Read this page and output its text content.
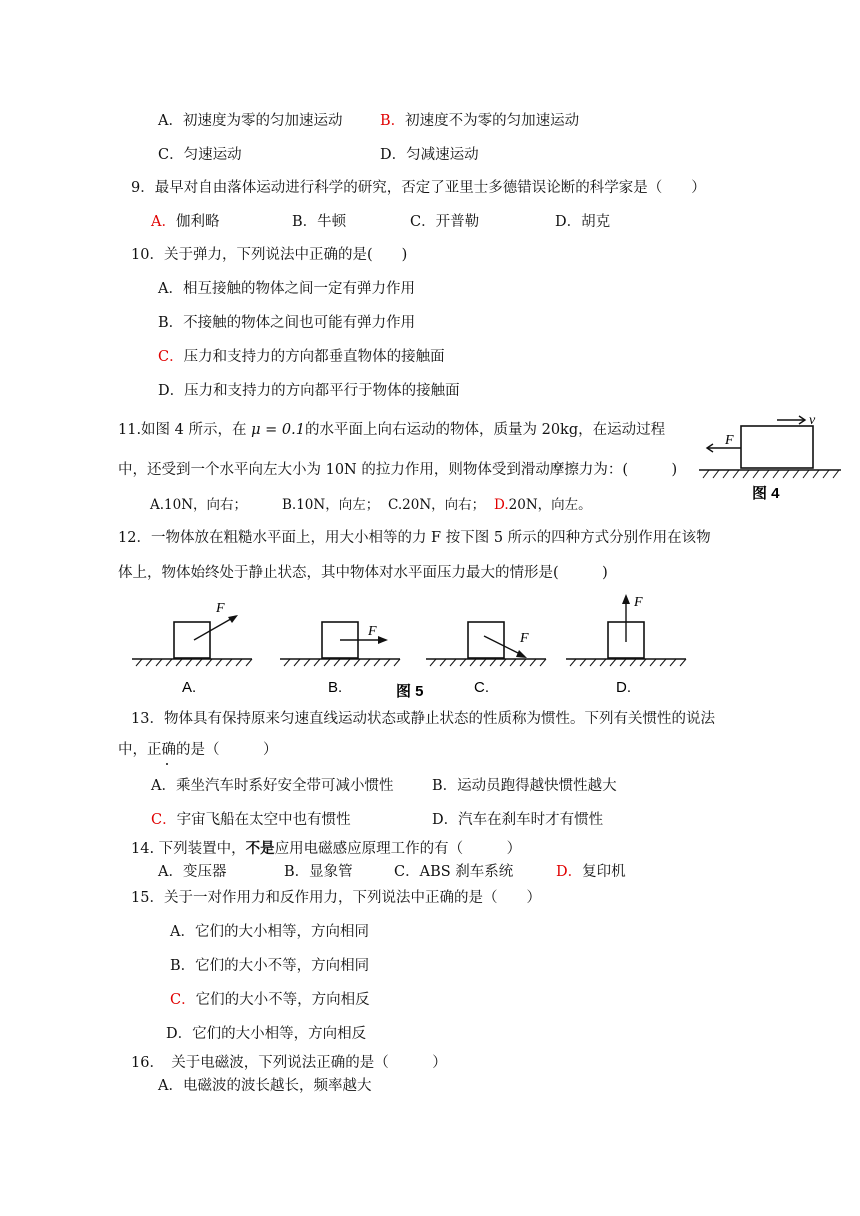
A．初速度为零的匀加速运动	B．初速度不为零的匀加速运动
C．匀速运动	D．匀减速运动
9．最早对自由落体运动进行科学的研究，否定了亚里士多德错误论断的科学家是（　　）
A．伽利略	B．牛顿	C．开普勒	D．胡克
10．关于弹力，下列说法中正确的是(　　)
A．相互接触的物体之间一定有弹力作用
B．不接触的物体之间也可能有弹力作用
C．压力和支持力的方向都垂直物体的接触面
D．压力和支持力的方向都平行于物体的接触面
11.如图 4 所示，在 μ = 0.1的水平面上向右运动的物体，质量为 20kg，在运动过程
中，还受到一个水平向左大小为 10N 的拉力作用，则物体受到滑动摩擦力为：(　　　)
A.10N，向右；	B.10N，向左； C.20N，向右； D.20N，向左。
F
v
图 4
12．一物体放在粗糙水平面上，用大小相等的力 F 按下图 5 所示的四种方式分别作用在该物
体上，物体始终处于静止状态，其中物体对水平面压力最大的情形是(　　　)
F
A.
F
B.	图 5
F
C.
F
D.
13．物体具有保持原来匀速直线运动状态或静止状态的性质称为惯性。下列有关惯性的说法
中，正确的是（　　　）
A．乘坐汽车时系好安全带可减小惯性	B．运动员跑得越快惯性越大
C．宇宙飞船在太空中也有惯性	D．汽车在刹车时才有惯性
14. 下列装置中，不是应用电磁感应原理工作的有（　　　）
A．变压器	B．显象管	C．ABS 刹车系统	D．复印机
15．关于一对作用力和反作用力，下列说法中正确的是（　　）
A．它们的大小相等，方向相同
B．它们的大小不等，方向相同
C．它们的大小不等，方向相反
D．它们的大小相等，方向相反
16．　关于电磁波，下列说法正确的是（　　　）
A．电磁波的波长越长，频率越大
